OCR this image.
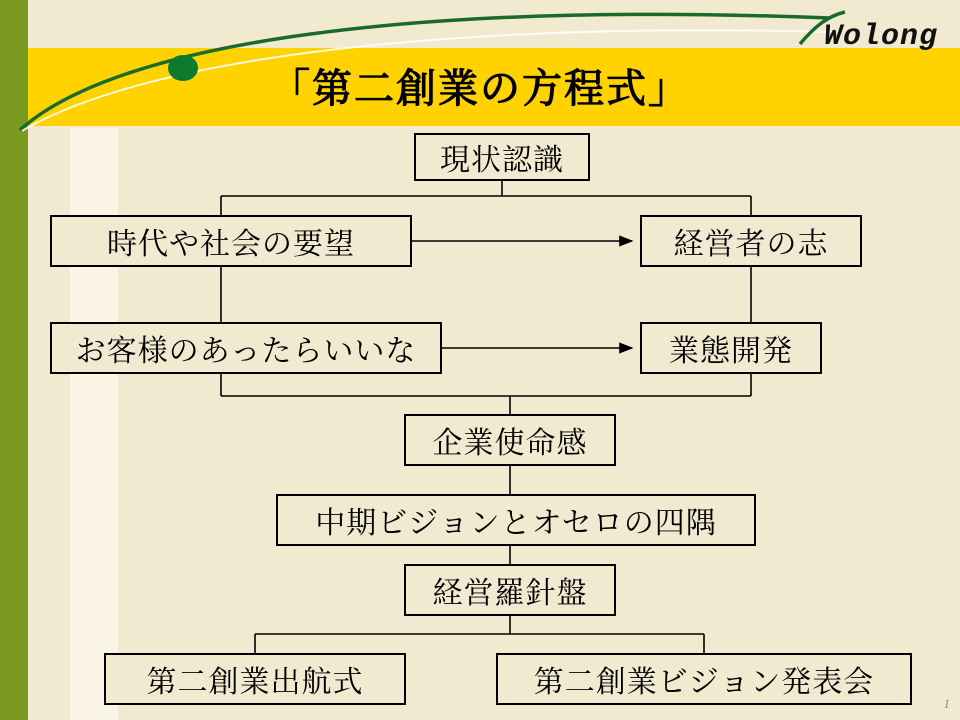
Wolong
「第二創業の方程式」
現状認識
時代や社会の要望	経営者の志
お客様のあったらいいな	業態開発
企業使命感
中期ビジョンとオセロの四隅
経営羅針盤
第二創業出航式	第二創業ビジョン発表会
1
